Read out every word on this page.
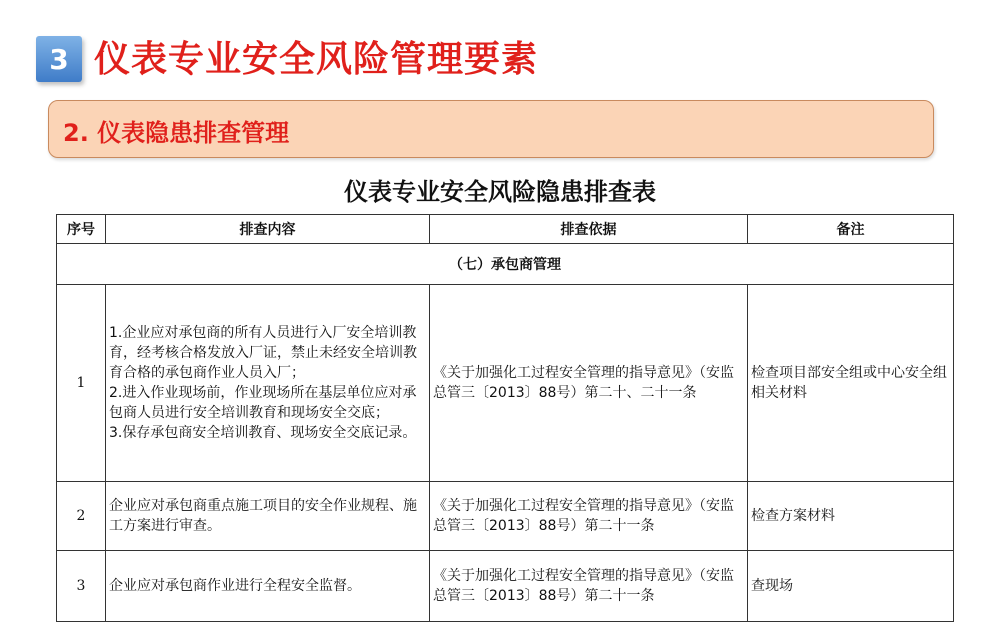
3 仪表专业安全风险管理要素
2. 仪表隐患排查管理
仪表专业安全风险隐患排查表
序号	排查内容	排查依据	备注
（七）承包商管理			
1	1.企业应对承包商的所有人员进行入厂安全培训教育，经考核合格发放入厂证，禁止未经安全培训教育合格的承包商作业人员入厂；
2.进入作业现场前，作业现场所在基层单位应对承包商人员进行安全培训教育和现场安全交底；
3.保存承包商安全培训教育、现场安全交底记录。	《关于加强化工过程安全管理的指导意见》（安监总管三〔2013〕88号）第二十、二十一条	检查项目部安全组或中心安全组相关材料
2	企业应对承包商重点施工项目的安全作业规程、施工方案进行审查。	《关于加强化工过程安全管理的指导意见》（安监总管三〔2013〕88号）第二十一条	检查方案材料
3	企业应对承包商作业进行全程安全监督。	《关于加强化工过程安全管理的指导意见》（安监总管三〔2013〕88号）第二十一条	查现场
